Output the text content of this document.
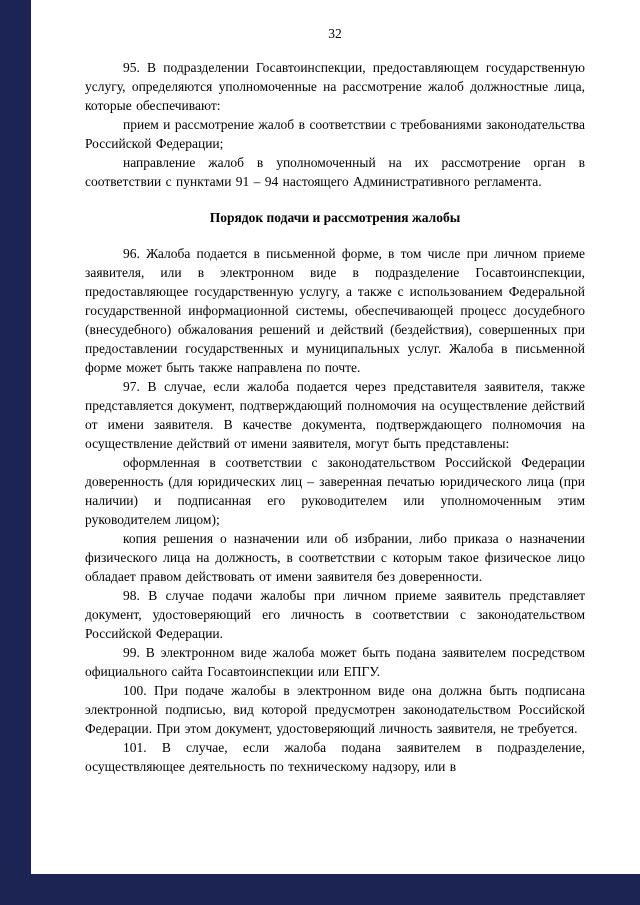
32

95. В подразделении Госавтоинспекции, предоставляющем государственную услугу, определяются уполномоченные на рассмотрение жалоб должностные лица, которые обеспечивают:

прием и рассмотрение жалоб в соответствии с требованиями законодательства Российской Федерации;

направление жалоб в уполномоченный на их рассмотрение орган в соответствии с пунктами 91 – 94 настоящего Административного регламента.

Порядок подачи и рассмотрения жалобы

96. Жалоба подается в письменной форме, в том числе при личном приеме заявителя, или в электронном виде в подразделение Госавтоинспекции, предоставляющее государственную услугу, а также с использованием Федеральной государственной информационной системы, обеспечивающей процесс досудебного (внесудебного) обжалования решений и действий (бездействия), совершенных при предоставлении государственных и муниципальных услуг. Жалоба в письменной форме может быть также направлена по почте.

97. В случае, если жалоба подается через представителя заявителя, также представляется документ, подтверждающий полномочия на осуществление действий от имени заявителя. В качестве документа, подтверждающего полномочия на осуществление действий от имени заявителя, могут быть представлены:

оформленная в соответствии с законодательством Российской Федерации доверенность (для юридических лиц – заверенная печатью юридического лица (при наличии) и подписанная его руководителем или уполномоченным этим руководителем лицом);

копия решения о назначении или об избрании, либо приказа о назначении физического лица на должность, в соответствии с которым такое физическое лицо обладает правом действовать от имени заявителя без доверенности.

98. В случае подачи жалобы при личном приеме заявитель представляет документ, удостоверяющий его личность в соответствии с законодательством Российской Федерации.

99. В электронном виде жалоба может быть подана заявителем посредством официального сайта Госавтоинспекции или ЕПГУ.

100. При подаче жалобы в электронном виде она должна быть подписана электронной подписью, вид которой предусмотрен законодательством Российской Федерации. При этом документ, удостоверяющий личность заявителя, не требуется.

101. В случае, если жалоба подана заявителем в подразделение, осуществляющее деятельность по техническому надзору, или в
